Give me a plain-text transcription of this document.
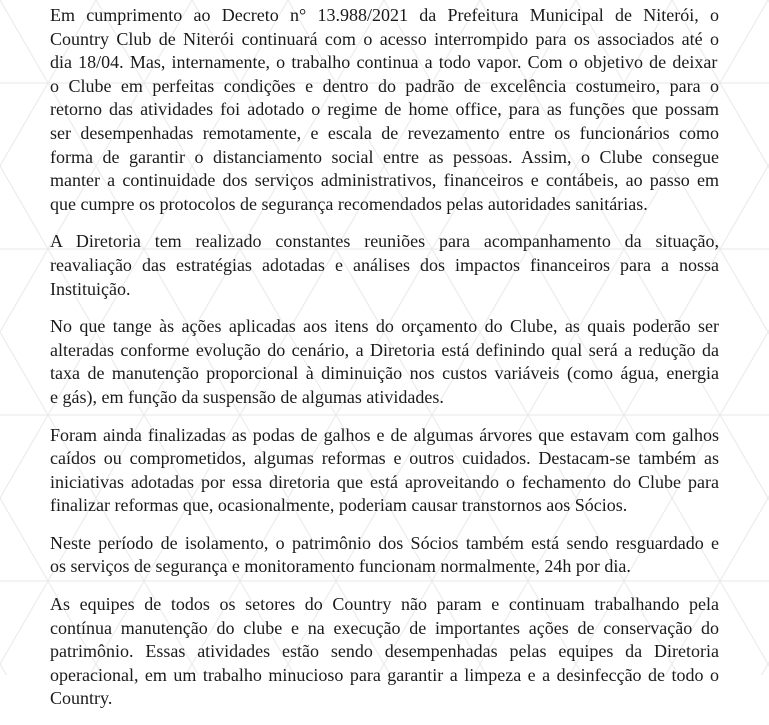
Em cumprimento ao Decreto n° 13.988/2021 da Prefeitura Municipal de Niterói, o
Country Club de Niterói continuará com o acesso interrompido para os associados até o
dia 18/04. Mas, internamente, o trabalho continua a todo vapor. Com o objetivo de deixar
o Clube em perfeitas condições e dentro do padrão de excelência costumeiro, para o
retorno das atividades foi adotado o regime de home office, para as funções que possam
ser desempenhadas remotamente, e escala de revezamento entre os funcionários como
forma de garantir o distanciamento social entre as pessoas. Assim, o Clube consegue
manter a continuidade dos serviços administrativos, financeiros e contábeis, ao passo em
que cumpre os protocolos de segurança recomendados pelas autoridades sanitárias.
A Diretoria tem realizado constantes reuniões para acompanhamento da situação,
reavaliação das estratégias adotadas e análises dos impactos financeiros para a nossa
Instituição.
No que tange às ações aplicadas aos itens do orçamento do Clube, as quais poderão ser
alteradas conforme evolução do cenário, a Diretoria está definindo qual será a redução da
taxa de manutenção proporcional à diminuição nos custos variáveis (como água, energia
e gás), em função da suspensão de algumas atividades.
Foram ainda finalizadas as podas de galhos e de algumas árvores que estavam com galhos
caídos ou comprometidos, algumas reformas e outros cuidados. Destacam-se também as
iniciativas adotadas por essa diretoria que está aproveitando o fechamento do Clube para
finalizar reformas que, ocasionalmente, poderiam causar transtornos aos Sócios.
Neste período de isolamento, o patrimônio dos Sócios também está sendo resguardado e
os serviços de segurança e monitoramento funcionam normalmente, 24h por dia.
As equipes de todos os setores do Country não param e continuam trabalhando pela
contínua manutenção do clube e na execução de importantes ações de conservação do
patrimônio. Essas atividades estão sendo desempenhadas pelas equipes da Diretoria
operacional, em um trabalho minucioso para garantir a limpeza e a desinfecção de todo o
Country.
